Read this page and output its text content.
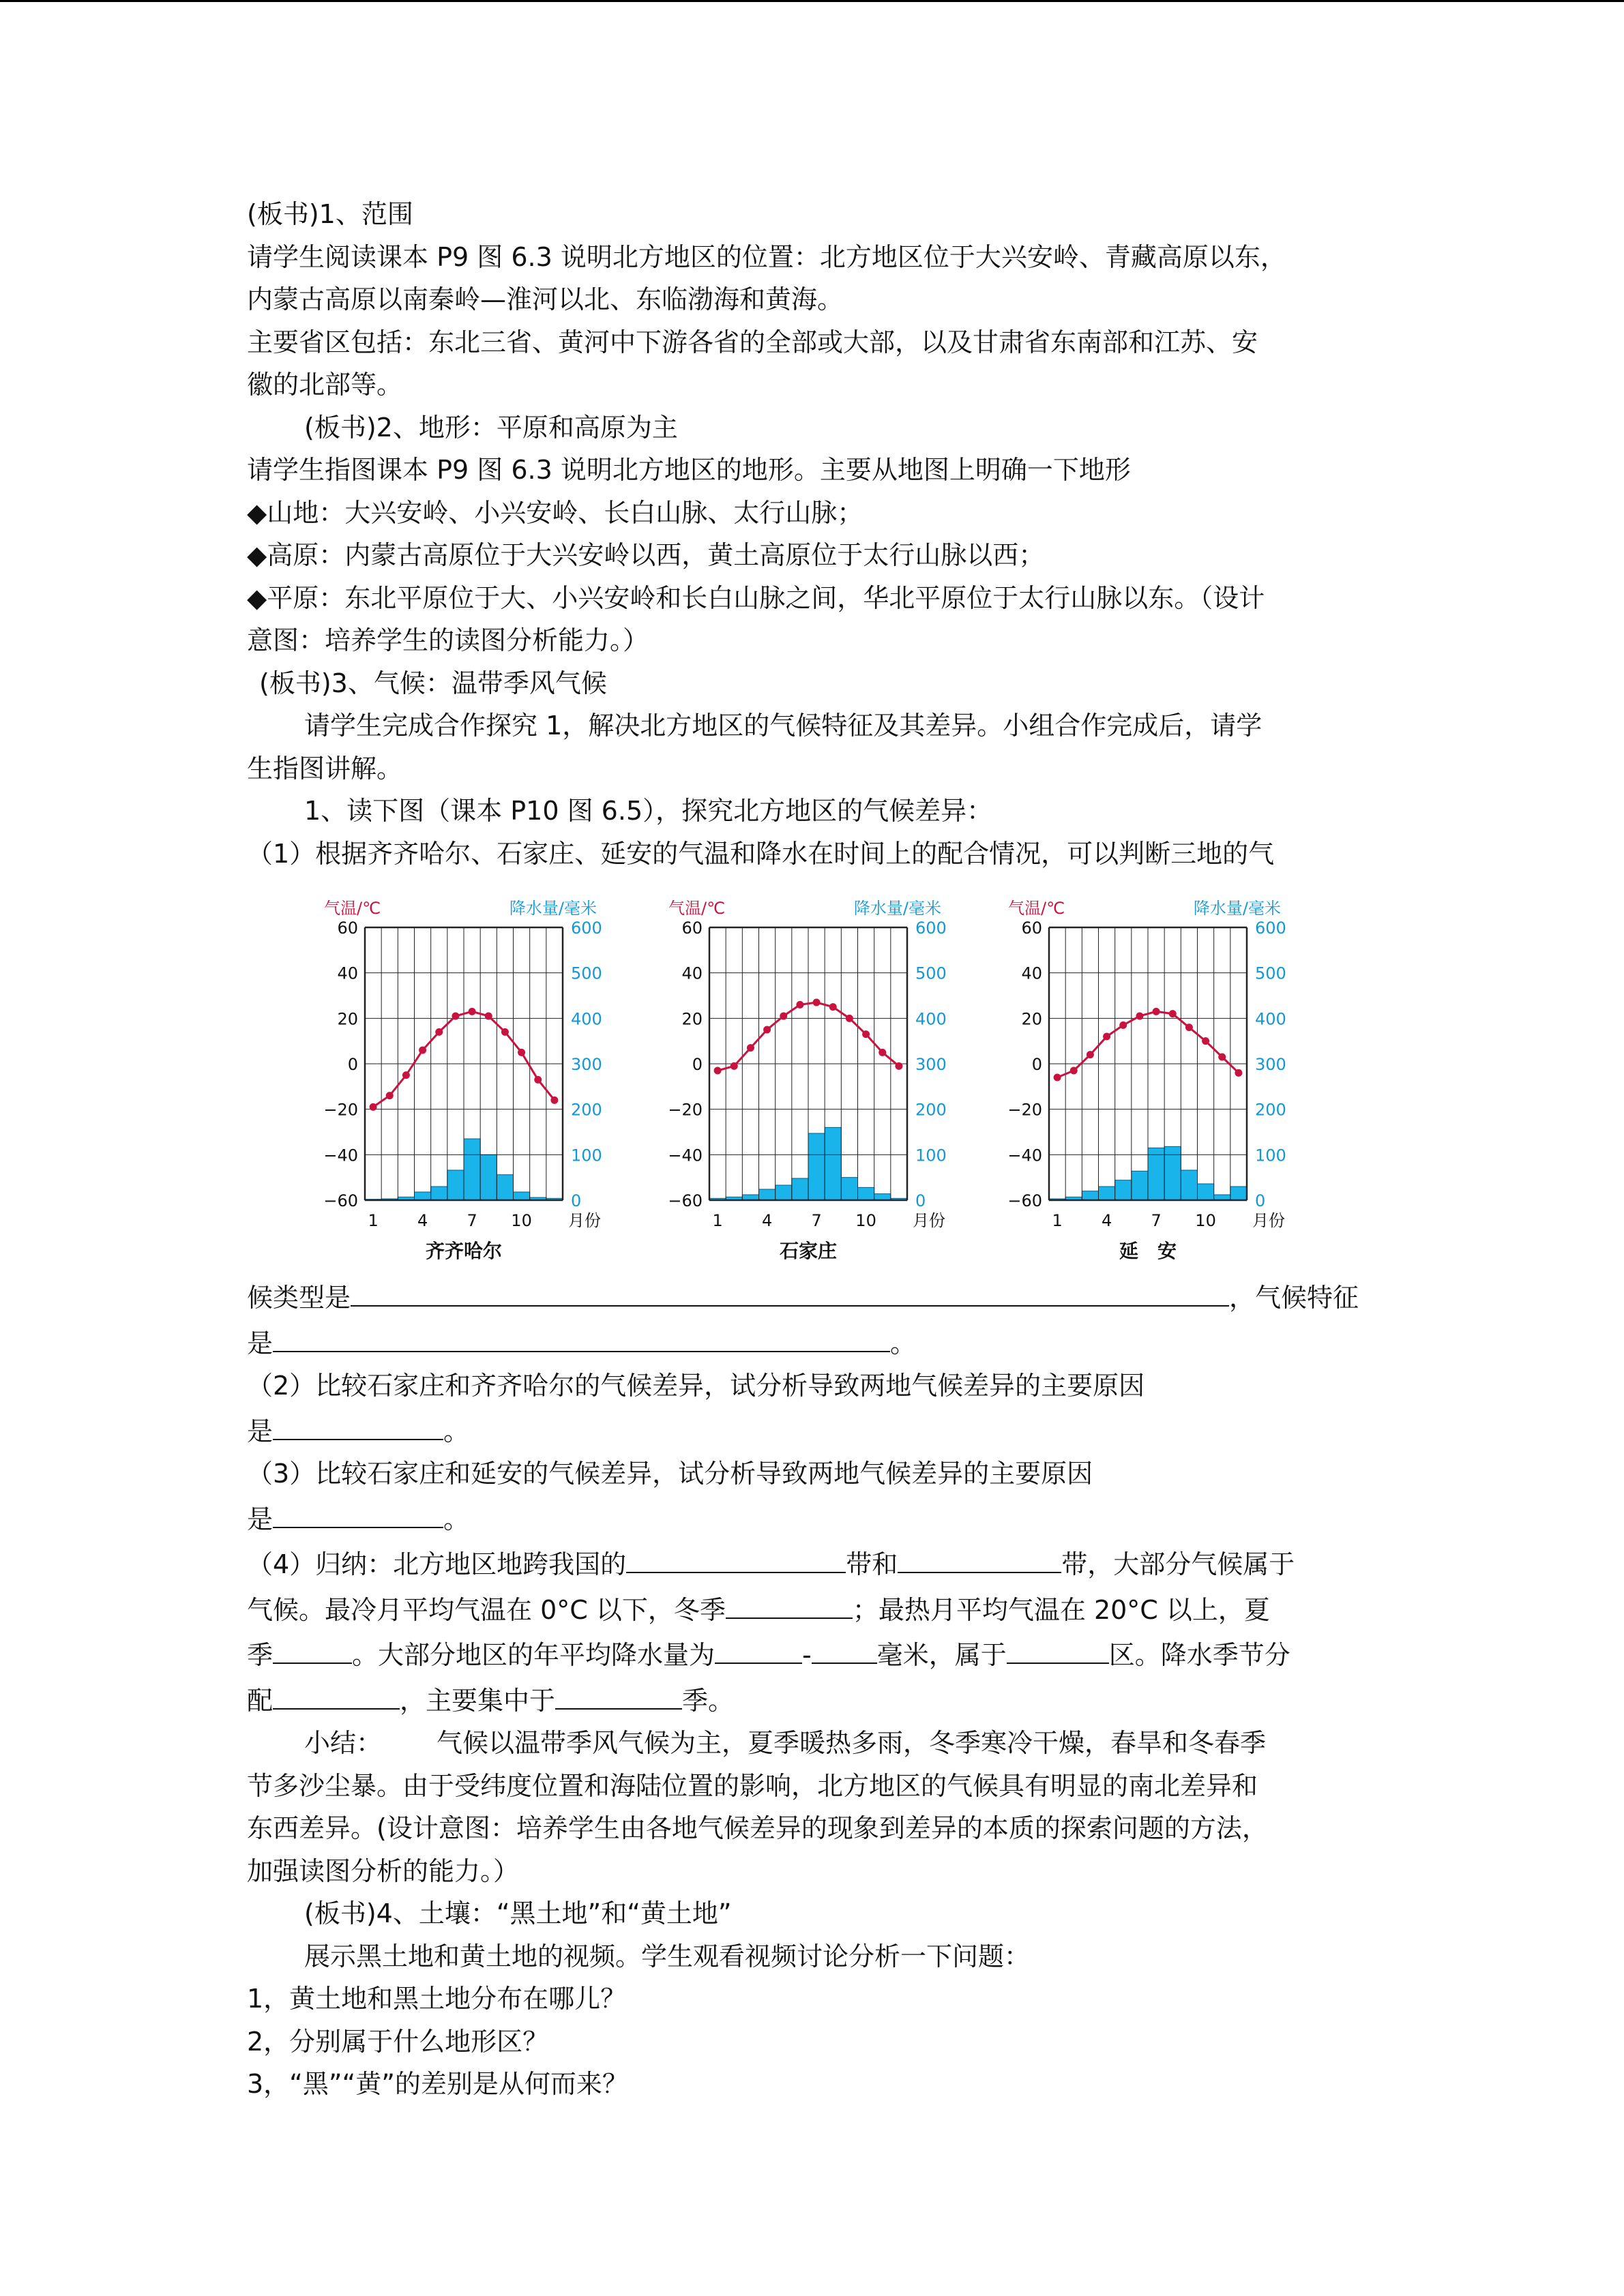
(板书)1、范围
请学生阅读课本 P9 图 6.3 说明北方地区的位置：北方地区位于大兴安岭、青藏高原以东，
内蒙古高原以南秦岭—淮河以北、东临渤海和黄海。
主要省区包括：东北三省、黄河中下游各省的全部或大部，以及甘肃省东南部和江苏、安
徽的北部等。
(板书)2、地形：平原和高原为主
请学生指图课本 P9 图 6.3 说明北方地区的地形。主要从地图上明确一下地形
◆山地：大兴安岭、小兴安岭、长白山脉、太行山脉；
◆高原：内蒙古高原位于大兴安岭以西，黄土高原位于太行山脉以西；
◆平原：东北平原位于大、小兴安岭和长白山脉之间，华北平原位于太行山脉以东。（设计
意图：培养学生的读图分析能力。）
(板书)3、气候：温带季风气候
请学生完成合作探究 1，解决北方地区的气候特征及其差异。小组合作完成后，请学
生指图讲解。
1、读下图（课本 P10 图 6.5），探究北方地区的气候差异：
（1）根据齐齐哈尔、石家庄、延安的气温和降水在时间上的配合情况，可以判断三地的气
气温/℃	降水量/毫米
60
40
20
0
−20
−40
−60
600
500
400
300
200
100
0
1 4 7 10 月份
齐齐哈尔
气温/℃	降水量/毫米
60
40
20
0
−20
−40
−60
600
500
400
300
200
100
0
1 4 7 10 月份
石家庄
气温/℃	降水量/毫米
60
40
20
0
−20
−40
−60
600
500
400
300
200
100
0
1 4 7 10 月份
延　安
候类型是	，气候特征
是	。
（2）比较石家庄和齐齐哈尔的气候差异，试分析导致两地气候差异的主要原因
是	。
（3）比较石家庄和延安的气候差异，试分析导致两地气候差异的主要原因
是	。
（4）归纳：北方地区地跨我国的	带和	带，大部分气候属于
气候。最冷月平均气温在 0°C 以下，冬季	；最热月平均气温在 20°C 以上，夏
季	。大部分地区的年平均降水量为	-	毫米，属于	区。降水季节分
配	，主要集中于	季。
小结： 气候以温带季风气候为主，夏季暖热多雨，冬季寒冷干燥，春旱和冬春季
节多沙尘暴。由于受纬度位置和海陆位置的影响，北方地区的气候具有明显的南北差异和
东西差异。(设计意图：培养学生由各地气候差异的现象到差异的本质的探索问题的方法，
加强读图分析的能力。）
(板书)4、土壤：“黑土地”和“黄土地”
展示黑土地和黄土地的视频。学生观看视频讨论分析一下问题：
1，黄土地和黑土地分布在哪儿？
2，分别属于什么地形区？
3，“黑”“黄”的差别是从何而来？
